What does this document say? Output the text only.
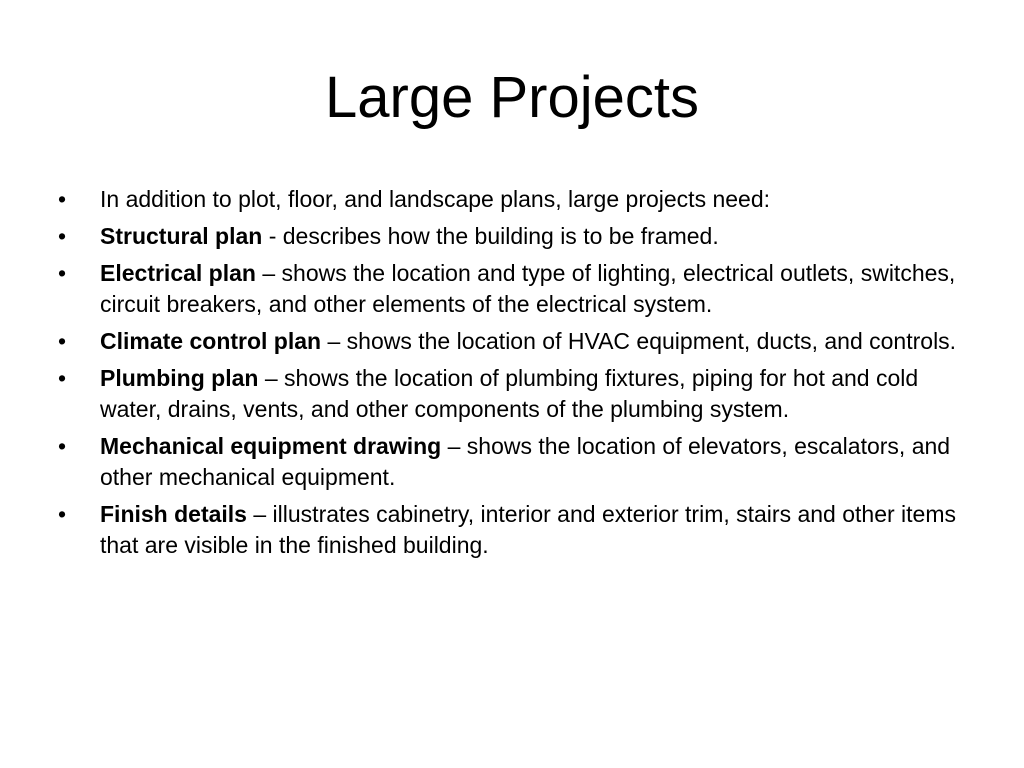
Large Projects
•	In addition to plot, floor, and landscape plans, large projects need:
•	Structural plan - describes how the building is to be framed.
•	Electrical plan – shows the location and type of lighting, electrical outlets, switches, circuit breakers, and other elements of the electrical system.
•	Climate control plan – shows the location of HVAC equipment, ducts, and controls.
•	Plumbing plan – shows the location of plumbing fixtures, piping for hot and cold water, drains, vents, and other components of the plumbing system.
•	Mechanical equipment drawing – shows the location of elevators, escalators, and other mechanical equipment.
•	Finish details – illustrates cabinetry, interior and exterior trim, stairs and other items that are visible in the finished building.
